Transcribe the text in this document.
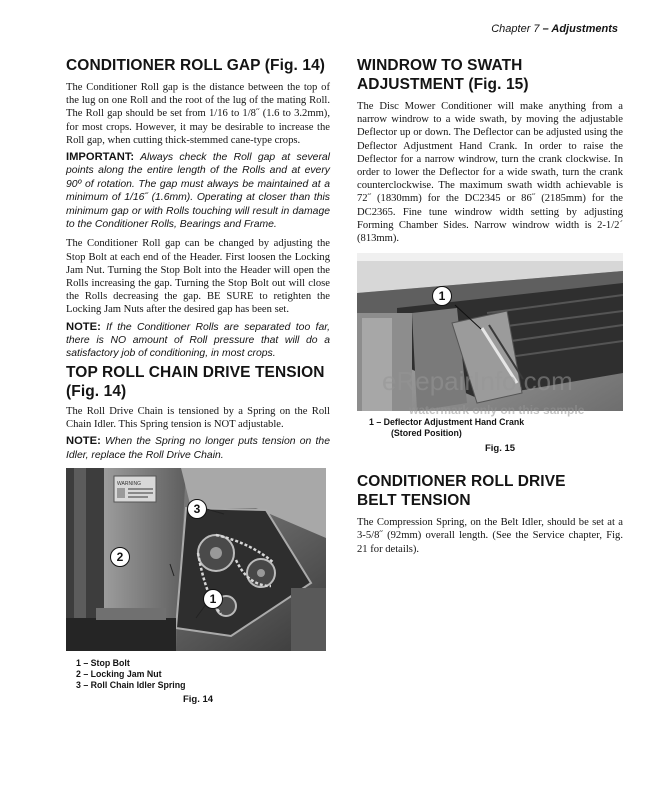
Chapter 7 – Adjustments
CONDITIONER ROLL GAP (Fig. 14)

The Conditioner Roll gap is the distance between the top of the lug on one Roll and the root of the lug of the mating Roll. The Roll gap should be set from 1/16 to 1/8˝ (1.6 to 3.2mm), for most crops. However, it may be desirable to increase the Roll gap, when cutting thick-stemmed cane-type crops.

IMPORTANT: Always check the Roll gap at several points along the entire length of the Rolls and at every 90º of rotation. The gap must always be maintained at a minimum of 1/16˝ (1.6mm). Operating at closer than this minimum gap or with Rolls touching will result in damage to the Conditioner Rolls, Bearings and Frame.

The Conditioner Roll gap can be changed by adjusting the Stop Bolt at each end of the Header. First loosen the Locking Jam Nut. Turning the Stop Bolt into the Header will open the Rolls increasing the gap. Turning the Stop Bolt out will close the Rolls decreasing the gap. BE SURE to retighten the Locking Jam Nuts after the desired gap has been set.

NOTE: If the Conditioner Rolls are separated too far, there is NO amount of Roll pressure that will do a satisfactory job of conditioning, in most crops.
TOP ROLL CHAIN DRIVE TENSION (Fig. 14)

The Roll Drive Chain is tensioned by a Spring on the Roll Chain Idler. This Spring tension is NOT adjustable.

NOTE: When the Spring no longer puts tension on the Idler, replace the Roll Drive Chain.
WARNING
1
2
3
1 – Stop Bolt
2 – Locking Jam Nut
3 – Roll Chain Idler Spring
Fig. 14
WINDROW TO SWATH ADJUSTMENT (Fig. 15)

The Disc Mower Conditioner will make anything from a narrow windrow to a wide swath, by moving the adjustable Deflector up or down. The Deflector can be adjusted using the Deflector Adjustment Hand Crank. In order to raise the Deflector for a narrow windrow, turn the crank clockwise. In order to lower the Deflector for a wide swath, turn the crank counterclockwise. The maximum swath width achievable is 72˝ (1830mm) for the DC2345 or 86˝ (2185mm) for the DC2365. Fine tune windrow width setting by adjusting Forming Chamber Sides. Narrow windrow width is 2-1/2´ (813mm).

1
eRepairInfo.com
1 – Deflector Adjustment Hand Crank
(Stored Position)
watermark only on this sample
Fig. 15
CONDITIONER ROLL DRIVE BELT TENSION

The Compression Spring, on the Belt Idler, should be set at a 3-5/8˝ (92mm) overall length. (See the Service chapter, Fig. 21 for details).
